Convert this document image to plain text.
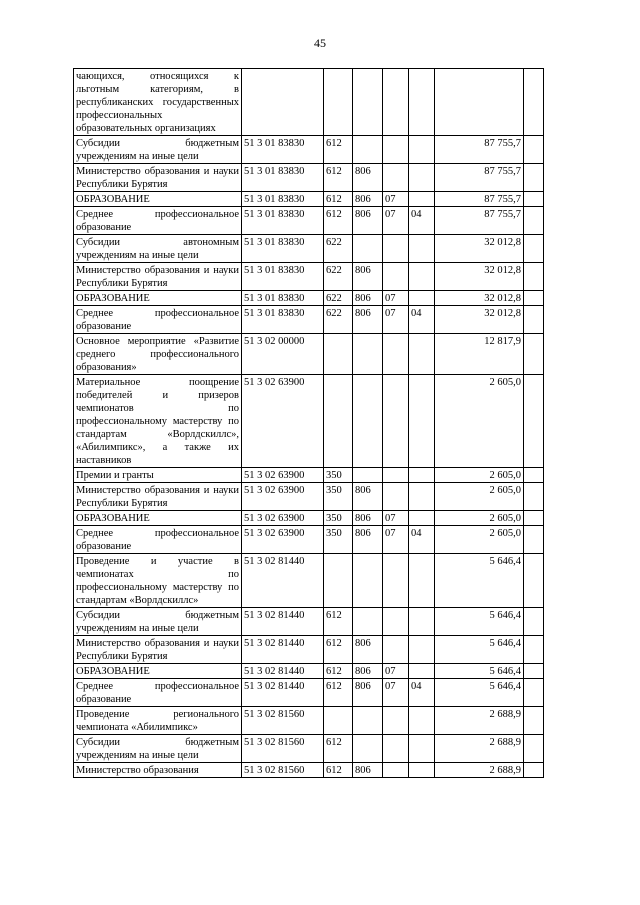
45
чающихся, относящихся к льготным категориям, в республиканских государственных профессиональных образовательных организациях							
Субсидии бюджетным учреждениям на иные цели	51 3 01 83830	612				87 755,7	
Министерство образования и науки Республики Бурятия	51 3 01 83830	612	806			87 755,7	
ОБРАЗОВАНИЕ	51 3 01 83830	612	806	07		87 755,7	
Среднее профессиональное образование	51 3 01 83830	612	806	07	04	87 755,7	
Субсидии автономным учреждениям на иные цели	51 3 01 83830	622				32 012,8	
Министерство образования и науки Республики Бурятия	51 3 01 83830	622	806			32 012,8	
ОБРАЗОВАНИЕ	51 3 01 83830	622	806	07		32 012,8	
Среднее профессиональное образование	51 3 01 83830	622	806	07	04	32 012,8	
Основное мероприятие «Развитие среднего профессионального образования»	51 3 02 00000					12 817,9	
Материальное поощрение победителей и призеров чемпионатов по профессиональному мастерству по стандартам «Ворлдскиллс», «Абилимпикс», а также их наставников	51 3 02 63900					2 605,0	
Премии и гранты	51 3 02 63900	350				2 605,0	
Министерство образования и науки Республики Бурятия	51 3 02 63900	350	806			2 605,0	
ОБРАЗОВАНИЕ	51 3 02 63900	350	806	07		2 605,0	
Среднее профессиональное образование	51 3 02 63900	350	806	07	04	2 605,0	
Проведение и участие в чемпионатах по профессиональному мастерству по стандартам «Ворлдскиллс»	51 3 02 81440					5 646,4	
Субсидии бюджетным учреждениям на иные цели	51 3 02 81440	612				5 646,4	
Министерство образования и науки Республики Бурятия	51 3 02 81440	612	806			5 646,4	
ОБРАЗОВАНИЕ	51 3 02 81440	612	806	07		5 646,4	
Среднее профессиональное образование	51 3 02 81440	612	806	07	04	5 646,4	
Проведение регионального чемпионата «Абилимпикс»	51 3 02 81560					2 688,9	
Субсидии бюджетным учреждениям на иные цели	51 3 02 81560	612				2 688,9	
Министерство образования	51 3 02 81560	612	806			2 688,9	
